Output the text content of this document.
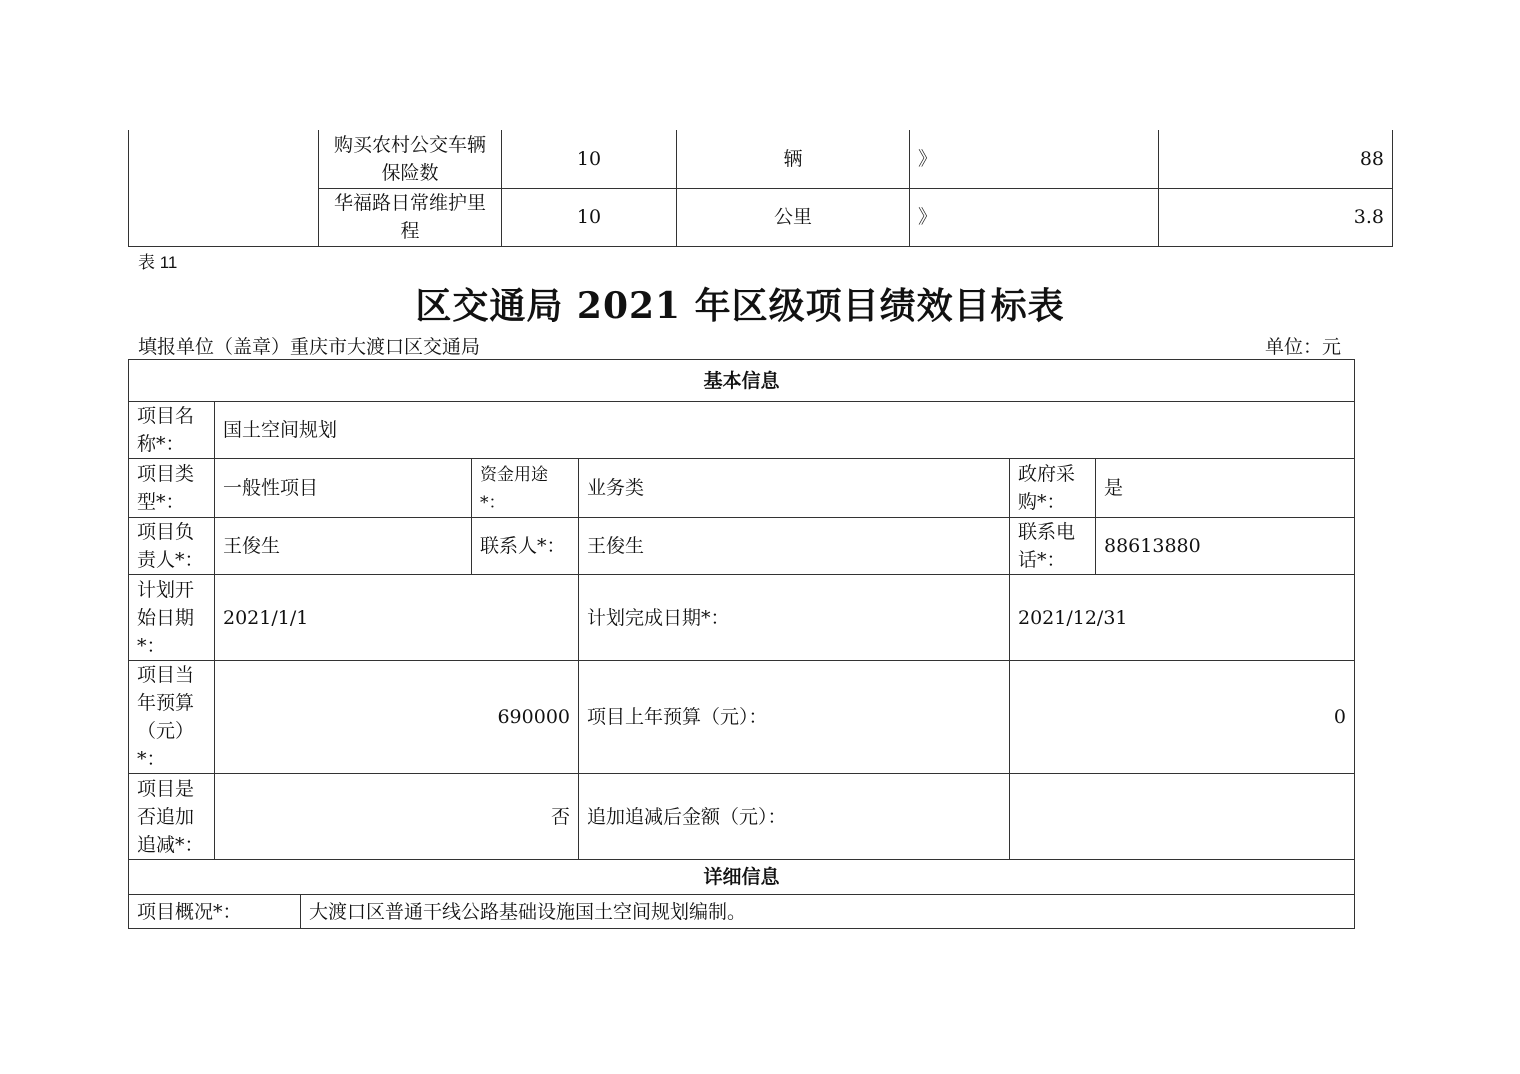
	购买农村公交车辆保险数	10	辆	》	88
	华福路日常维护里程	10	公里	》	3.8
表 11
区交通局 2021 年区级项目绩效目标表
填报单位（盖章）重庆市大渡口区交通局	单位：元
基本信息						
项目名称*：	国土空间规划					
项目类型*：	一般性项目		资金用途*：	业务类	政府采购*：	是
项目负责人*：	王俊生		联系人*：	王俊生	联系电话*：	88613880
计划开始日期*：	2021/1/1			计划完成日期*：	2021/12/31	
项目当年预算（元）*：	690000			项目上年预算（元）：	0	
项目是否追加追减*：	否			追加追减后金额（元）：		
详细信息						
项目概况*：		大渡口区普通干线公路基础设施国土空间规划编制。				
